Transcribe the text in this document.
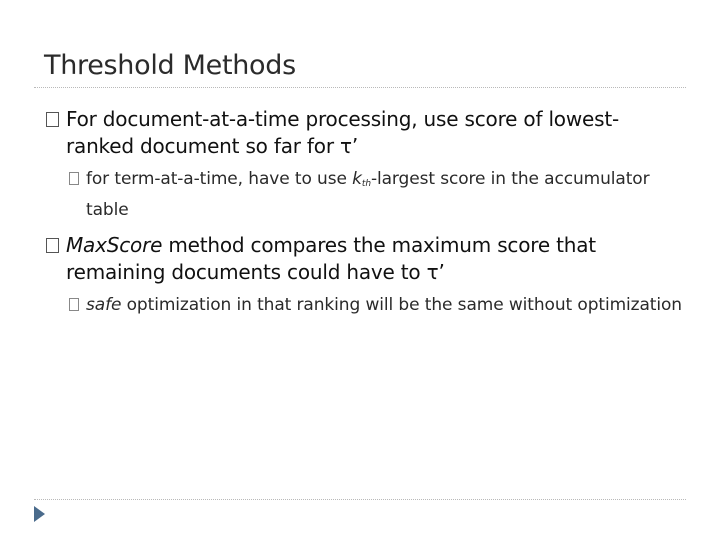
Threshold Methods
For document-at-a-time processing, use score of lowest-ranked document so far for τ’
for term-at-a-time, have to use kth-largest score in the accumulator table
MaxScore method compares the maximum score that remaining documents could have to τ’
safe optimization in that ranking will be the same without optimization
